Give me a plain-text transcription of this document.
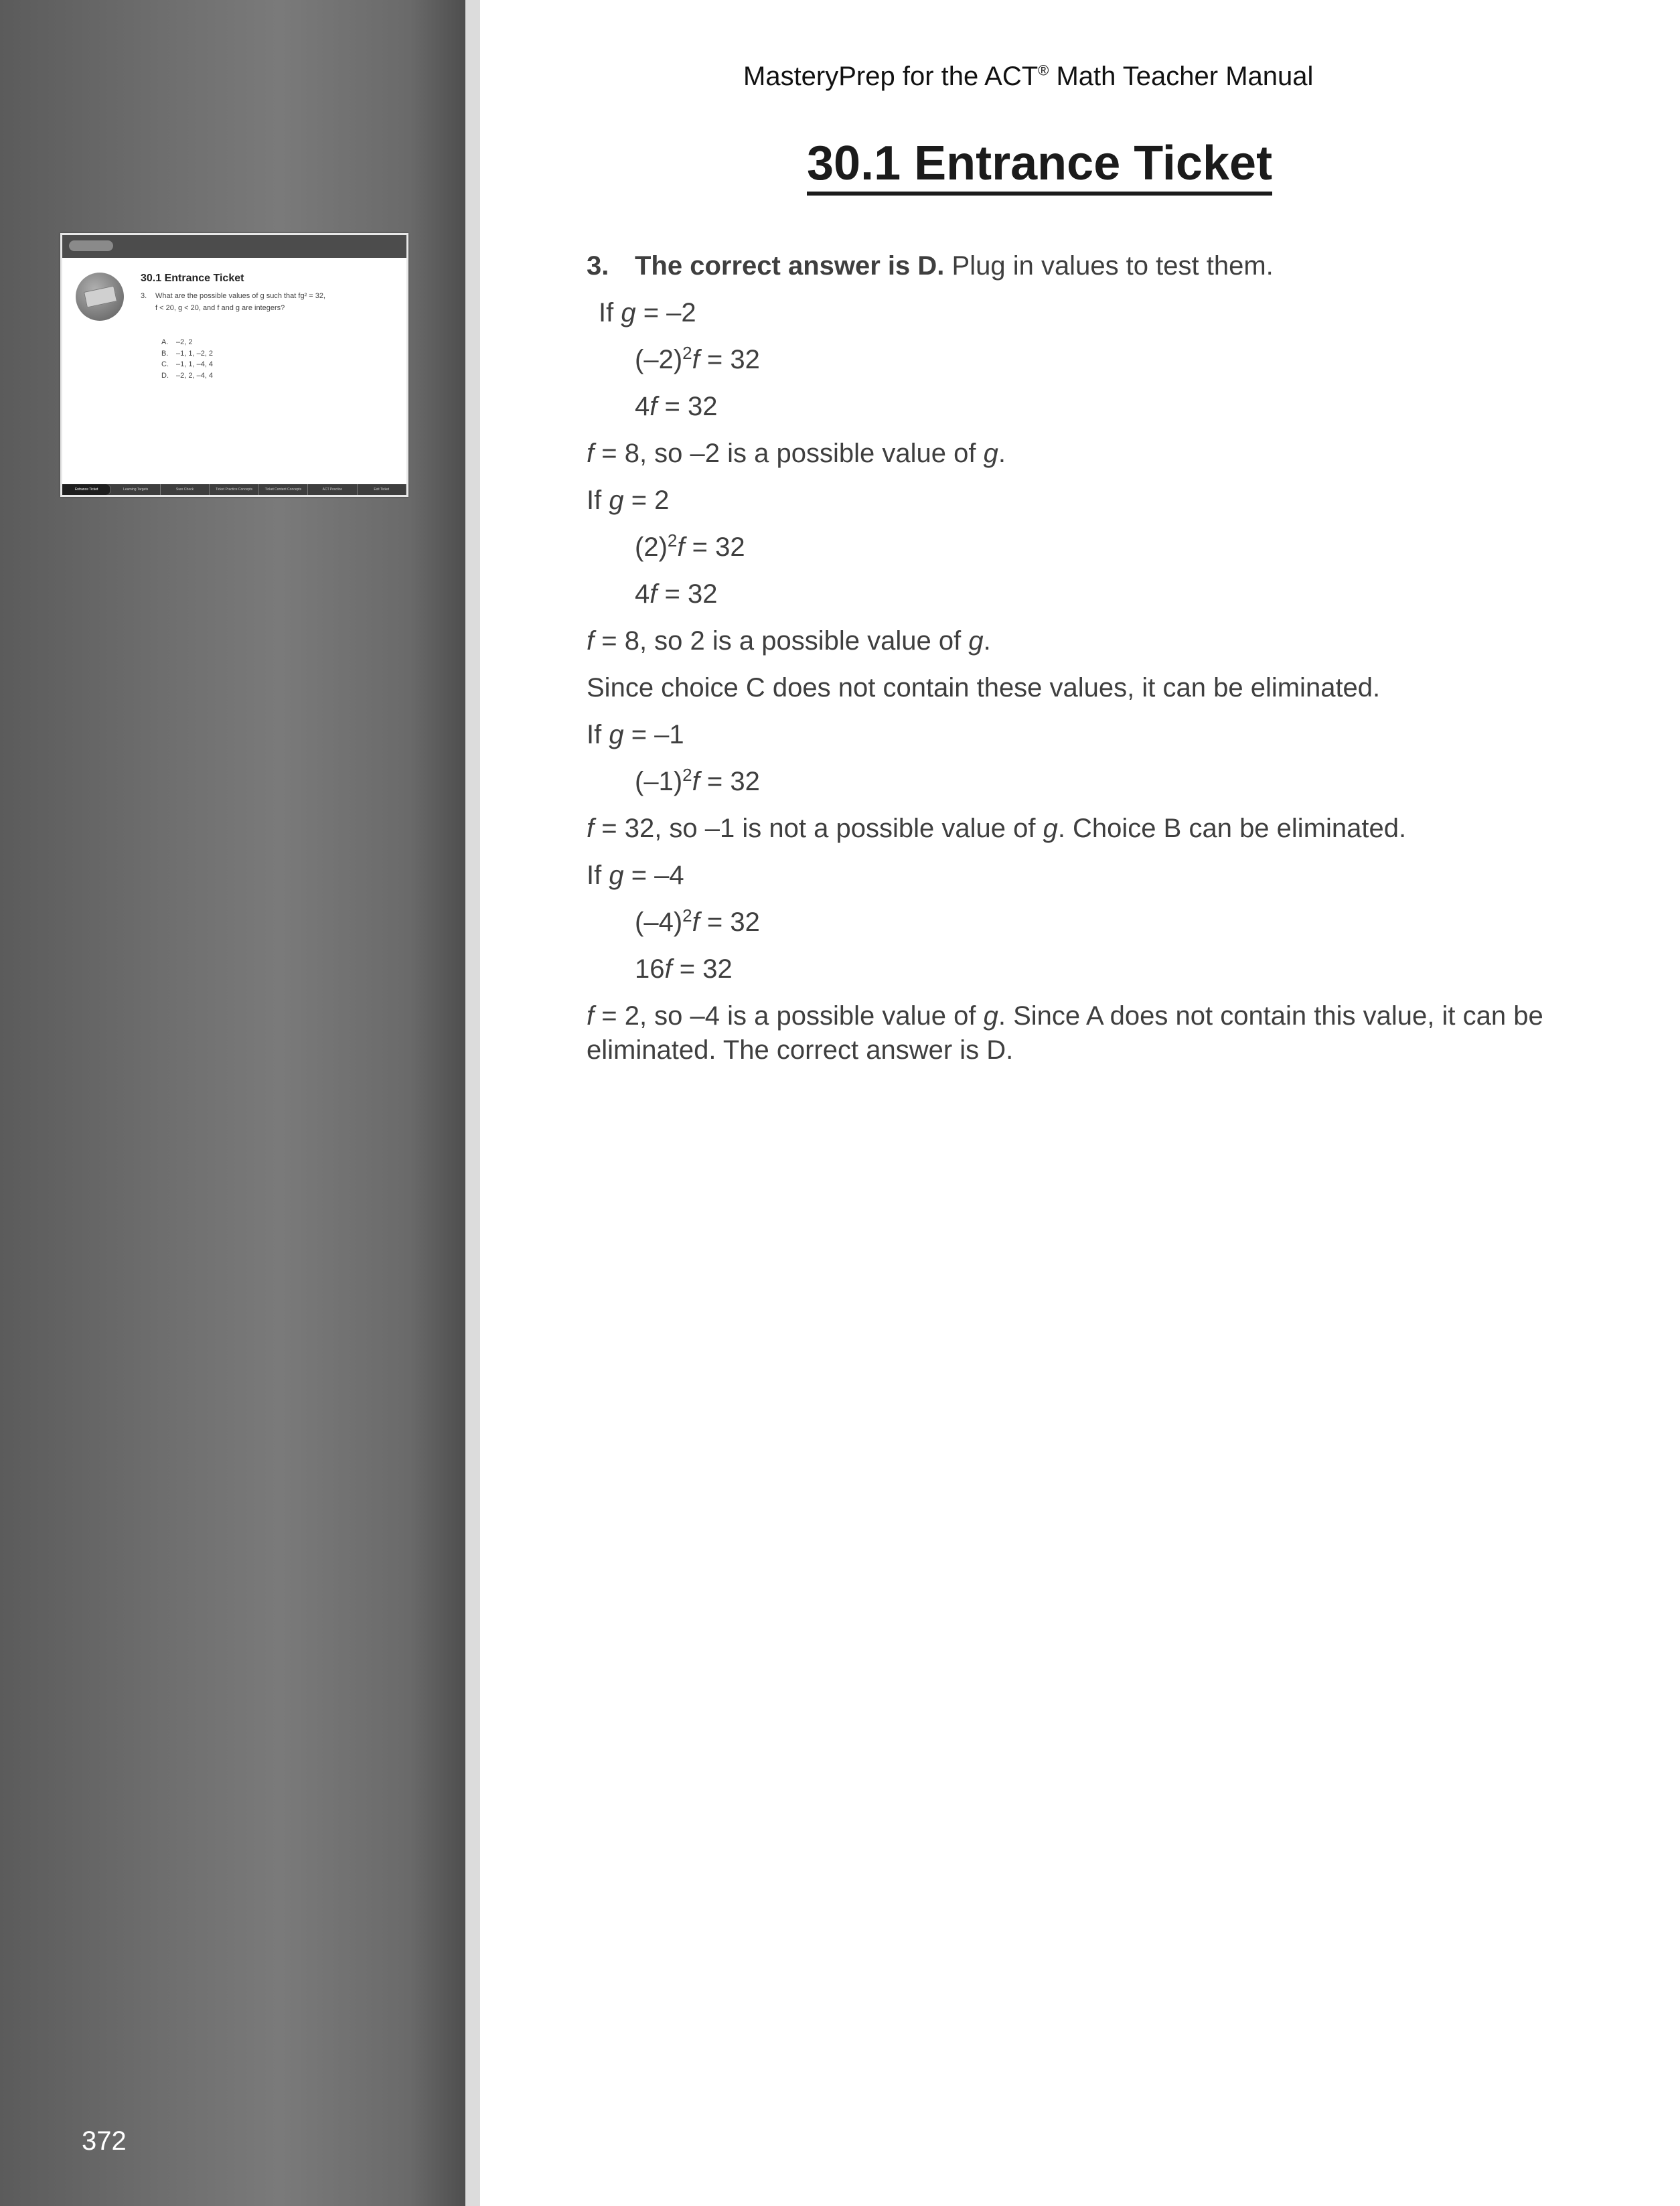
30.1 Entrance Ticket
3. What are the possible values of g such that fg² = 32,
f < 20, g < 20, and f and g are integers?
A. –2, 2
B. –1, 1, –2, 2
C. –1, 1, –4, 4
D. –2, 2, –4, 4
Entrance Ticket	Learning Targets	Sure Check	Ticket Practice Concepts	Ticket Content Concepts	ACT Practice	Exit Ticket
372
MasteryPrep for the ACT® Math Teacher Manual
30.1 Entrance Ticket

3. The correct answer is D. Plug in values to test them.

If g = –2

$(-2)^2f = 32$

4f = 32

f = 8, so –2 is a possible value of g.

If g = 2

$(2)^2f = 32$

4f = 32

f = 8, so 2 is a possible value of g.

Since choice C does not contain these values, it can be eliminated.

If g = –1

$(-1)^2f = 32$

f = 32, so –1 is not a possible value of g. Choice B can be eliminated.

If g = –4

$(-4)^2f = 32$

16f = 32

f = 2, so –4 is a possible value of g. Since A does not contain this value, it can be eliminated. The correct answer is D.
